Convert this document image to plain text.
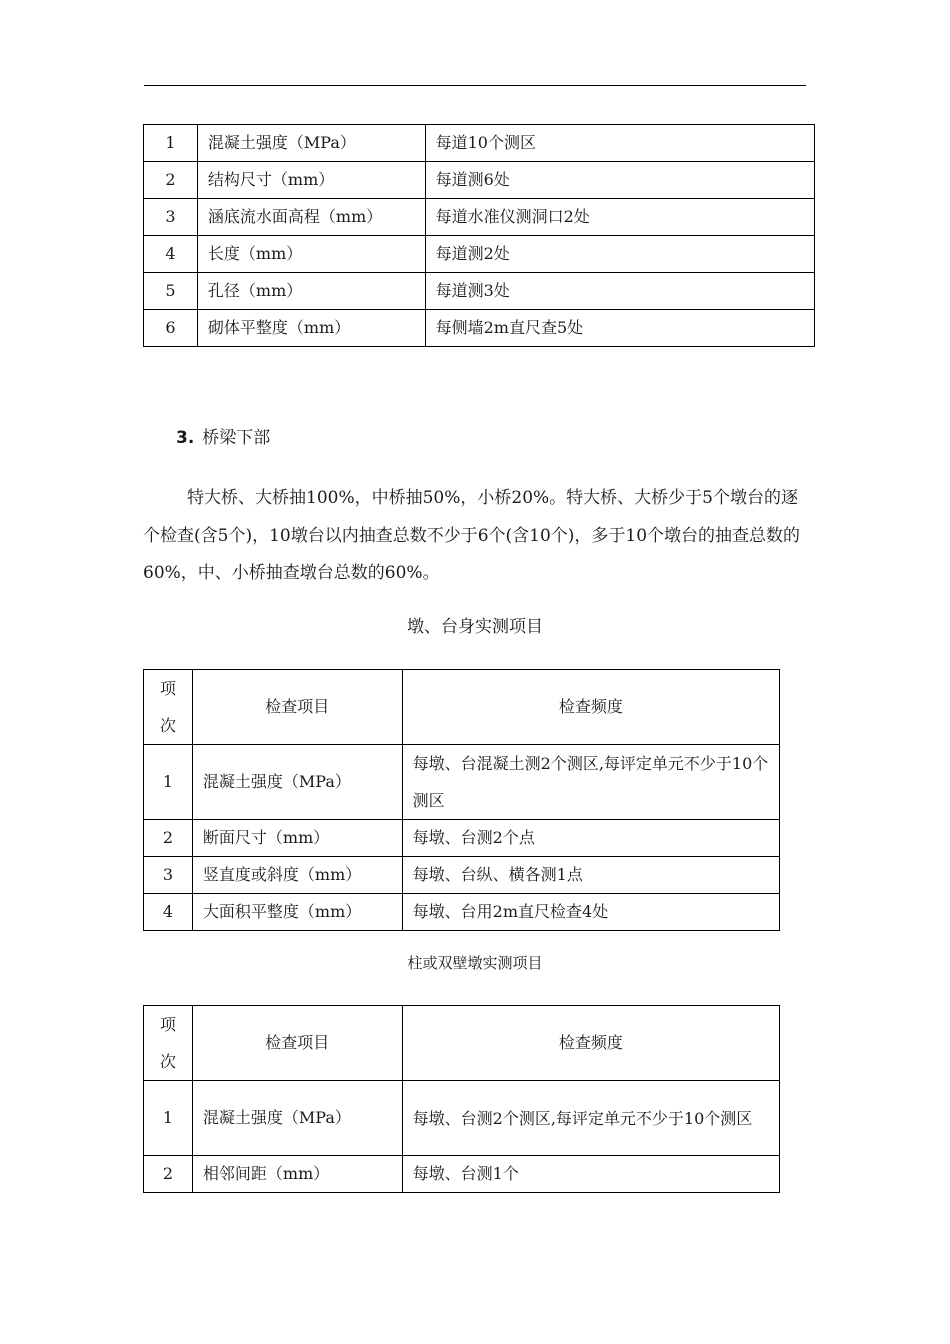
1	混凝土强度（MPa）	每道10个测区
2	结构尺寸（mm）	每道测6处
3	涵底流水面高程（mm）	每道水准仪测洞口2处
4	长度（mm）	每道测2处
5	孔径（mm）	每道测3处
6	砌体平整度（mm）	每侧墙2m直尺查5处
3. 桥梁下部
特大桥、大桥抽100%，中桥抽50%，小桥20%。特大桥、大桥少于5个墩台的逐个检查(含5个)，10墩台以内抽查总数不少于6个(含10个)，多于10个墩台的抽查总数的60%，中、小桥抽查墩台总数的60%。
墩、台身实测项目
项
次	检查项目	检查频度
1	混凝土强度（MPa）	每墩、台混凝土测2个测区,每评定单元不少于10个测区
2	断面尺寸（mm）	每墩、台测2个点
3	竖直度或斜度（mm）	每墩、台纵、横各测1点
4	大面积平整度（mm）	每墩、台用2m直尺检查4处
柱或双壁墩实测项目
项
次	检查项目	检查频度
1	混凝土强度（MPa）	每墩、台测2个测区,每评定单元不少于10个测区
2	相邻间距（mm）	每墩、台测1个
